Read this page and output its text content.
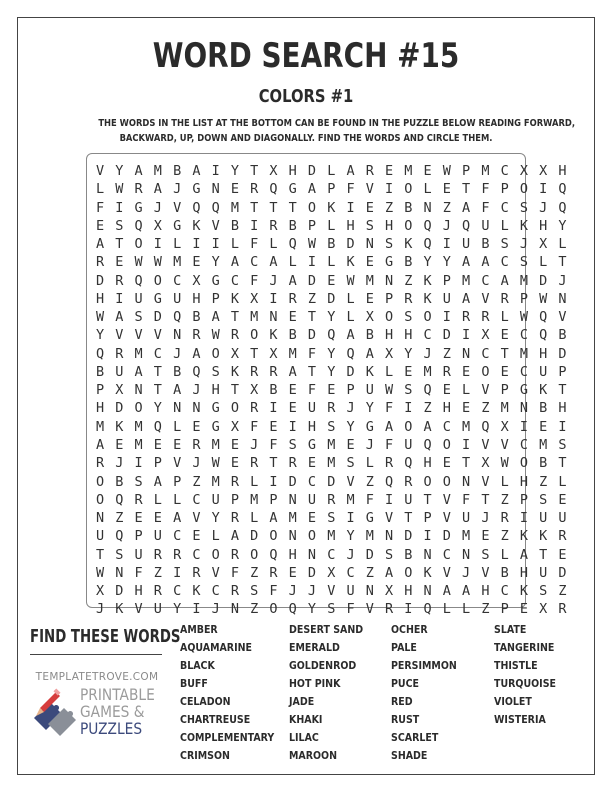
WORD SEARCH #15
COLORS #1
THE WORDS IN THE LIST AT THE BOTTOM CAN BE FOUND IN THE PUZZLE BELOW READING FORWARD,
BACKWARD, UP, DOWN AND DIAGONALLY. FIND THE WORDS AND CIRCLE THEM.
V Y A M B A I Y T X H D L A R E M E W P M C X X H
L W R A J G N E R Q G A P F V I O L E T F P O I Q
F I G J V Q Q M T T T O K I E Z B N Z A F C S J Q
E S Q X G K V B I R B P L H S H O Q J Q U L K H Y
A T O I L I I L F L Q W B D N S K Q I U B S J X L
R E W W M E Y A C A L I L K E G B Y Y A A C S L T
D R Q O C X G C F J A D E W M N Z K P M C A M D J
H I U G U H P K X I R Z D L E P R K U A V R P W N
W A S D Q B A T M N E T Y L X O S O I R R L W Q V
Y V V V N R W R O K B D Q A B H H C D I X E C Q B
Q R M C J A O X T X M F Y Q A X Y J Z N C T M H D
B U A T B Q S K R R A T Y D K L E M R E O E C U P
P X N T A J H T X B E F E P U W S Q E L V P G K T
H D O Y N N G O R I E U R J Y F I Z H E Z M N B H
M K M Q L E G X F E I H S Y G A O A C M Q X I E I
A E M E E R M E J F S G M E J F U Q O I V V C M S
R J I P V J W E R T R E M S L R Q H E T X W O B T
O B S A P Z M R L I D C D V Z Q R O O N V L H Z L
O Q R L L C U P M P N U R M F I U T V F T Z P S E
N Z E E A V Y R L A M E S I G V T P V U J R I U U
U Q P U C E L A D O N O M Y M N D I D M E Z K K R
T S U R R C O R O Q H N C J D S B N C N S L A T E
W N F Z I R V F Z R E D X C Z A O K V J V B H U D
X D H R C K C R S F J J V U N X H N A A H C K S Z
J K V U Y I J N Z O Q Y S F V R I Q L L Z P E X R
FIND THESE WORDS AMBER
AQUAMARINE
BLACK
BUFF
CELADON
CHARTREUSE
COMPLEMENTARY
CRIMSON
DESERT SAND
EMERALD
GOLDENROD
HOT PINK
JADE
KHAKI
LILAC
MAROON
OCHER
PALE
PERSIMMON
PUCE
RED
RUST
SCARLET
SHADE
SLATE
TANGERINE
THISTLE
TURQUOISE
VIOLET
WISTERIA
TEMPLATETROVE.COM
PRINTABLE
GAMES &
PUZZLES
